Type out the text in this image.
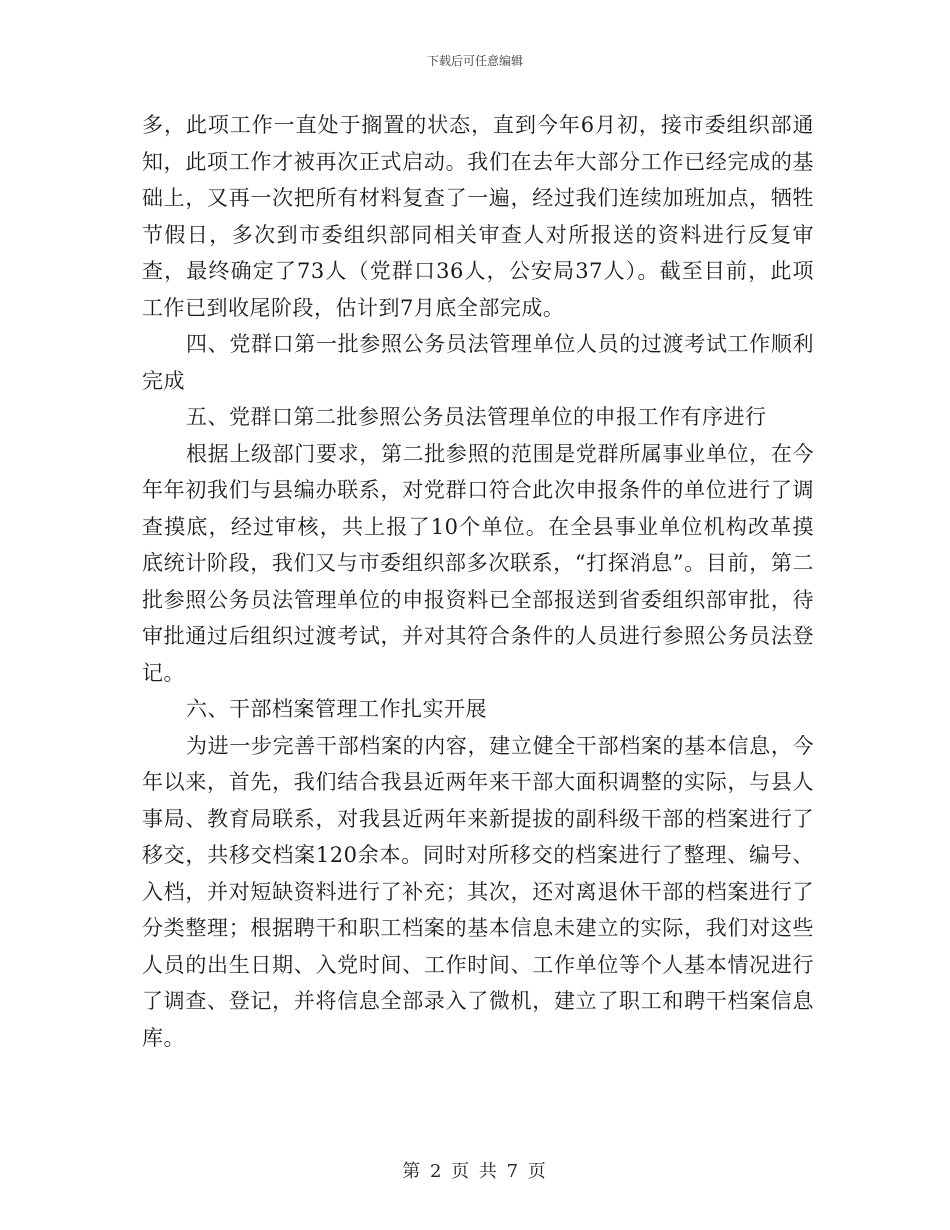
下载后可任意编辑

多，此项工作一直处于搁置的状态，直到今年6月初，接市委组织部通知，此项工作才被再次正式启动。我们在去年大部分工作已经完成的基础上，又再一次把所有材料复查了一遍，经过我们连续加班加点，牺牲节假日，多次到市委组织部同相关审查人对所报送的资料进行反复审查，最终确定了73人（党群口36人，公安局37人）。截至目前，此项工作已到收尾阶段，估计到7月底全部完成。

四、党群口第一批参照公务员法管理单位人员的过渡考试工作顺利完成

五、党群口第二批参照公务员法管理单位的申报工作有序进行

根据上级部门要求，第二批参照的范围是党群所属事业单位，在今年年初我们与县编办联系，对党群口符合此次申报条件的单位进行了调查摸底，经过审核，共上报了10个单位。在全县事业单位机构改革摸底统计阶段，我们又与市委组织部多次联系，“打探消息”。目前，第二批参照公务员法管理单位的申报资料已全部报送到省委组织部审批，待审批通过后组织过渡考试，并对其符合条件的人员进行参照公务员法登记。

六、干部档案管理工作扎实开展

为进一步完善干部档案的内容，建立健全干部档案的基本信息，今年以来，首先，我们结合我县近两年来干部大面积调整的实际，与县人事局、教育局联系，对我县近两年来新提拔的副科级干部的档案进行了移交，共移交档案120余本。同时对所移交的档案进行了整理、编号、入档，并对短缺资料进行了补充；其次，还对离退休干部的档案进行了分类整理；根据聘干和职工档案的基本信息未建立的实际，我们对这些人员的出生日期、入党时间、工作时间、工作单位等个人基本情况进行了调查、登记，并将信息全部录入了微机，建立了职工和聘干档案信息库。

第 2 页 共 7 页
